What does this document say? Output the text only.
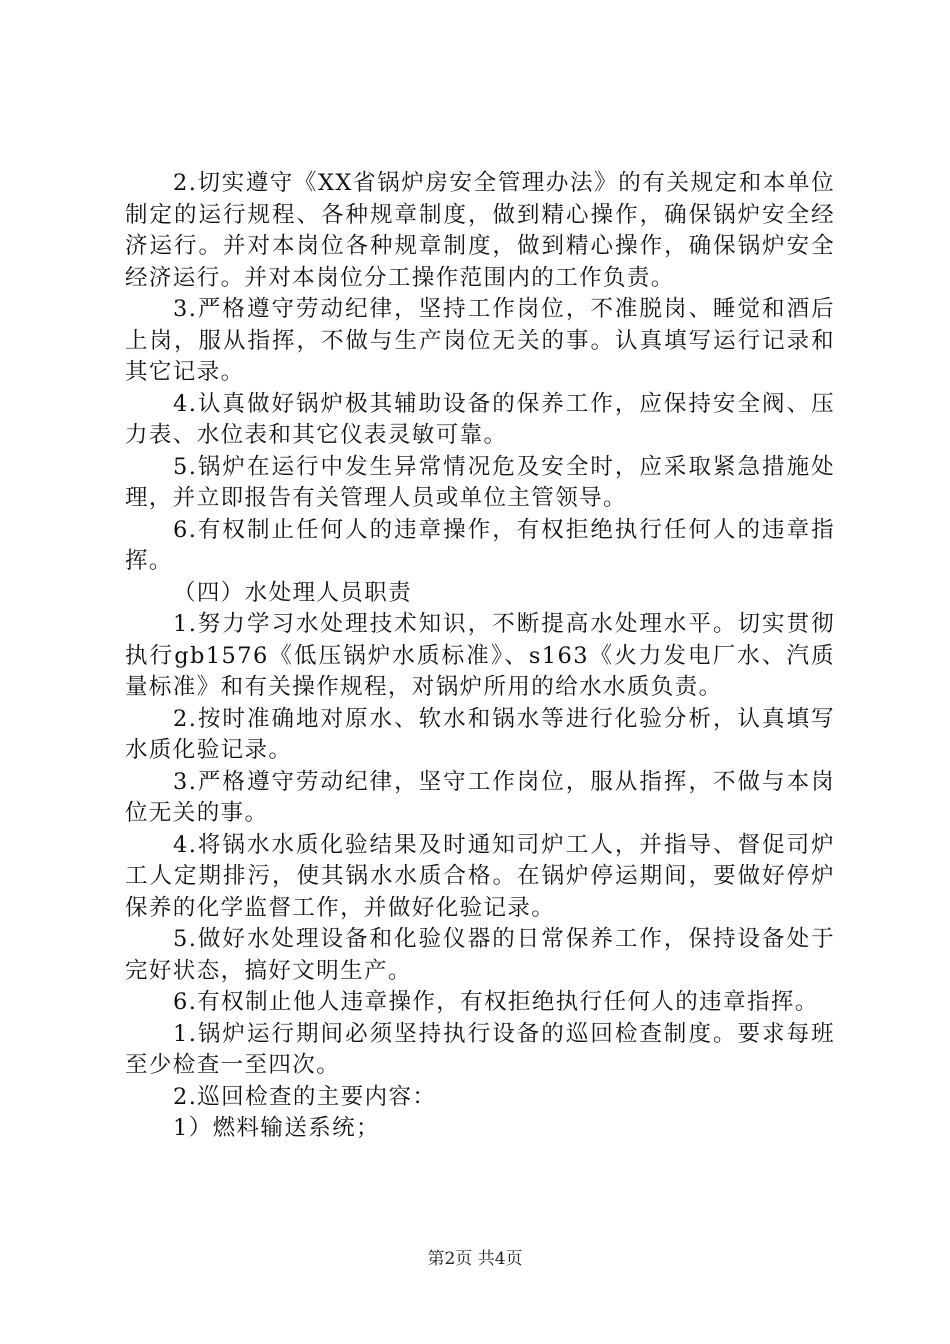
2.切实遵守《XX省锅炉房安全管理办法》的有关规定和本单位制定的运行规程、各种规章制度，做到精心操作，确保锅炉安全经济运行。并对本岗位各种规章制度，做到精心操作，确保锅炉安全经济运行。并对本岗位分工操作范围内的工作负责。

3.严格遵守劳动纪律，坚持工作岗位，不准脱岗、睡觉和酒后上岗，服从指挥，不做与生产岗位无关的事。认真填写运行记录和其它记录。

4.认真做好锅炉极其辅助设备的保养工作，应保持安全阀、压力表、水位表和其它仪表灵敏可靠。

5.锅炉在运行中发生异常情况危及安全时，应采取紧急措施处理，并立即报告有关管理人员或单位主管领导。

6.有权制止任何人的违章操作，有权拒绝执行任何人的违章指挥。

（四）水处理人员职责

1.努力学习水处理技术知识，不断提高水处理水平。切实贯彻执行gb1576《低压锅炉水质标准》、s163《火力发电厂水、汽质量标准》和有关操作规程，对锅炉所用的给水水质负责。

2.按时准确地对原水、软水和锅水等进行化验分析，认真填写水质化验记录。

3.严格遵守劳动纪律，坚守工作岗位，服从指挥，不做与本岗位无关的事。

4.将锅水水质化验结果及时通知司炉工人，并指导、督促司炉工人定期排污，使其锅水水质合格。在锅炉停运期间，要做好停炉保养的化学监督工作，并做好化验记录。

5.做好水处理设备和化验仪器的日常保养工作，保持设备处于完好状态，搞好文明生产。

6.有权制止他人违章操作，有权拒绝执行任何人的违章指挥。

1.锅炉运行期间必须坚持执行设备的巡回检查制度。要求每班至少检查一至四次。

2.巡回检查的主要内容：

1）燃料输送系统；

第2页 共4页
